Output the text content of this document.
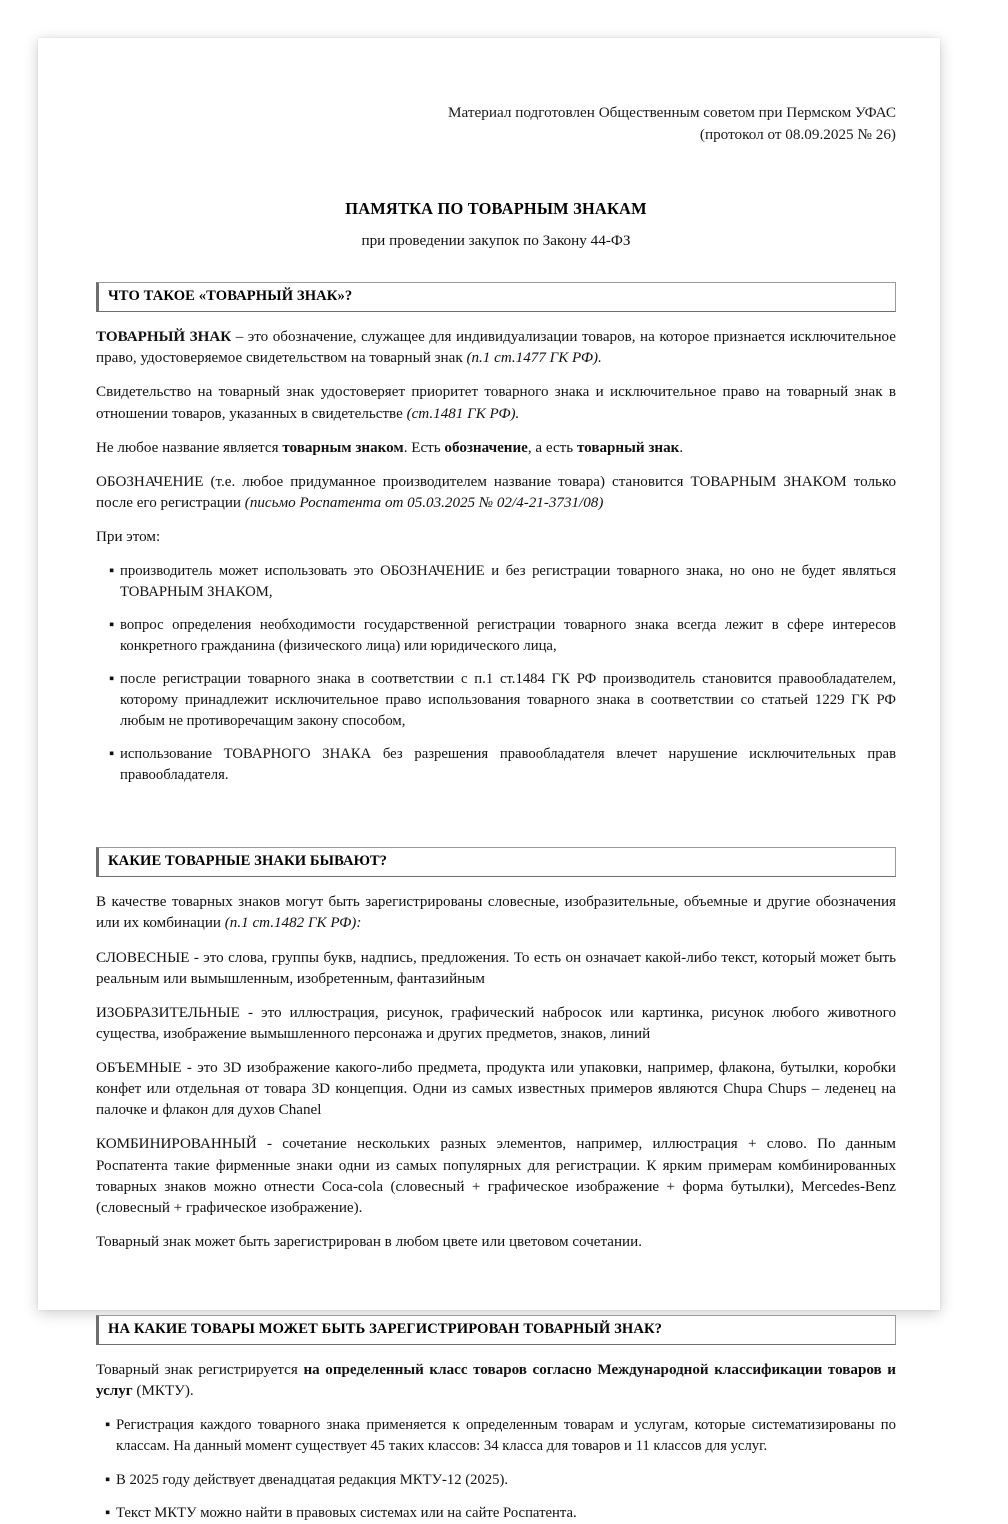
Материал подготовлен Общественным советом при Пермском УФАС
(протокол от 08.09.2025 № 26)
ПАМЯТКА ПО ТОВАРНЫМ ЗНАКАМ
при проведении закупок по Закону 44-ФЗ
ЧТО ТАКОЕ «ТОВАРНЫЙ ЗНАК»?

ТОВАРНЫЙ ЗНАК – это обозначение, служащее для индивидуализации товаров, на которое признается исключительное право, удостоверяемое свидетельством на товарный знак (п.1 ст.1477 ГК РФ).

Свидетельство на товарный знак удостоверяет приоритет товарного знака и исключительное право на товарный знак в отношении товаров, указанных в свидетельстве (ст.1481 ГК РФ).

Не любое название является товарным знаком. Есть обозначение, а есть товарный знак.

ОБОЗНАЧЕНИЕ (т.е. любое придуманное производителем название товара) становится ТОВАРНЫМ ЗНАКОМ только после его регистрации (письмо Роспатента от 05.03.2025 № 02/4-21-3731/08)

При этом:

▪ производитель может использовать это ОБОЗНАЧЕНИЕ и без регистрации товарного знака, но оно не будет являться ТОВАРНЫМ ЗНАКОМ,
▪ вопрос определения необходимости государственной регистрации товарного знака всегда лежит в сфере интересов конкретного гражданина (физического лица) или юридического лица,
▪ после регистрации товарного знака в соответствии с п.1 ст.1484 ГК РФ производитель становится правообладателем, которому принадлежит исключительное право использования товарного знака в соответствии со статьей 1229 ГК РФ любым не противоречащим закону способом,
▪ использование ТОВАРНОГО ЗНАКА без разрешения правообладателя влечет нарушение исключительных прав правообладателя.
КАКИЕ ТОВАРНЫЕ ЗНАКИ БЫВАЮТ?

В качестве товарных знаков могут быть зарегистрированы словесные, изобразительные, объемные и другие обозначения или их комбинации (п.1 ст.1482 ГК РФ):

СЛОВЕСНЫЕ - это слова, группы букв, надпись, предложения. То есть он означает какой-либо текст, который может быть реальным или вымышленным, изобретенным, фантазийным

ИЗОБРАЗИТЕЛЬНЫЕ - это иллюстрация, рисунок, графический набросок или картинка, рисунок любого животного существа, изображение вымышленного персонажа и других предметов, знаков, линий

ОБЪЕМНЫЕ - это 3D изображение какого-либо предмета, продукта или упаковки, например, флакона, бутылки, коробки конфет или отдельная от товара 3D концепция. Одни из самых известных примеров являются Chupa Chups – леденец на палочке и флакон для духов Chanel

КОМБИНИРОВАННЫЙ - сочетание нескольких разных элементов, например, иллюстрация + слово. По данным Роспатента такие фирменные знаки одни из самых популярных для регистрации. К ярким примерам комбинированных товарных знаков можно отнести Coca-cola (словесный + графическое изображение + форма бутылки), Mercedes-Benz (словесный + графическое изображение).

Товарный знак может быть зарегистрирован в любом цвете или цветовом сочетании.

НА КАКИЕ ТОВАРЫ МОЖЕТ БЫТЬ ЗАРЕГИСТРИРОВАН ТОВАРНЫЙ ЗНАК?

Товарный знак регистрируется на определенный класс товаров согласно Международной классификации товаров и услуг (МКТУ).

▪ Регистрация каждого товарного знака применяется к определенным товарам и услугам, которые систематизированы по классам. На данный момент существует 45 таких классов: 34 класса для товаров и 11 классов для услуг.
▪ В 2025 году действует двенадцатая редакция МКТУ-12 (2025).
▪ Текст МКТУ можно найти в правовых системах или на сайте Роспатента.
